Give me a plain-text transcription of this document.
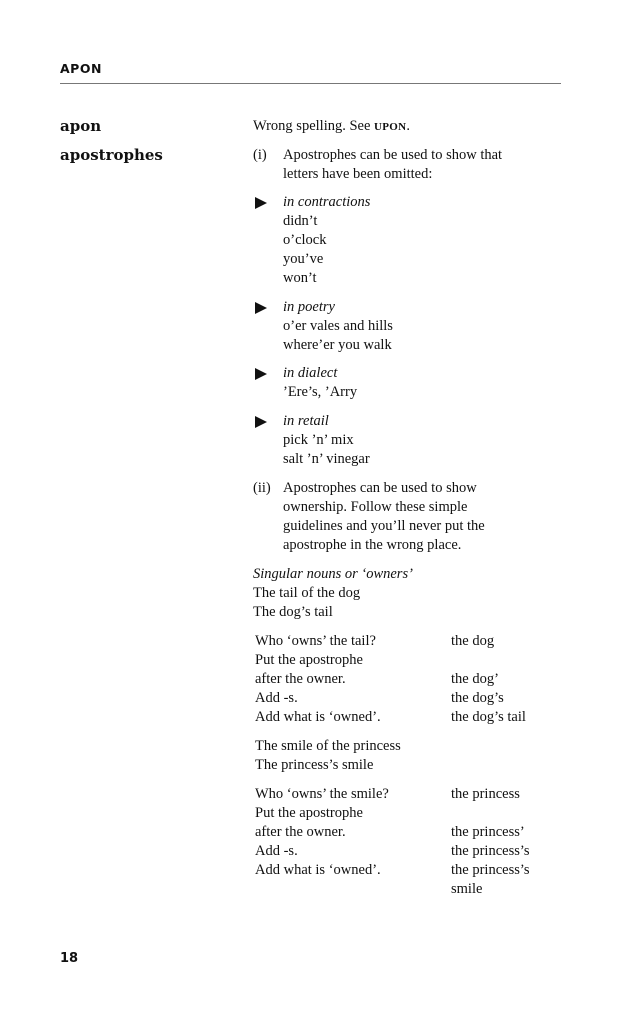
APON
apon	Wrong spelling. See UPON.
apostrophes	(i) Apostrophes can be used to show that
letters have been omitted:
in contractions
didn’t
o’clock
you’ve
won’t
in poetry
o’er vales and hills
where’er you walk
in dialect
’Ere’s, ’Arry
in retail
pick ’n’ mix
salt ’n’ vinegar
(ii) Apostrophes can be used to show
ownership. Follow these simple
guidelines and you’ll never put the
apostrophe in the wrong place.
Singular nouns or ‘owners’
The tail of the dog
The dog’s tail
Who ‘owns’ the tail?	the dog
Put the apostrophe
after the owner.	the dog’
Add -s.	the dog’s
Add what is ‘owned’.	the dog’s tail
The smile of the princess
The princess’s smile
Who ‘owns’ the smile?	the princess
Put the apostrophe
after the owner.	the princess’
Add -s.	the princess’s
Add what is ‘owned’.	the princess’s
smile
18
